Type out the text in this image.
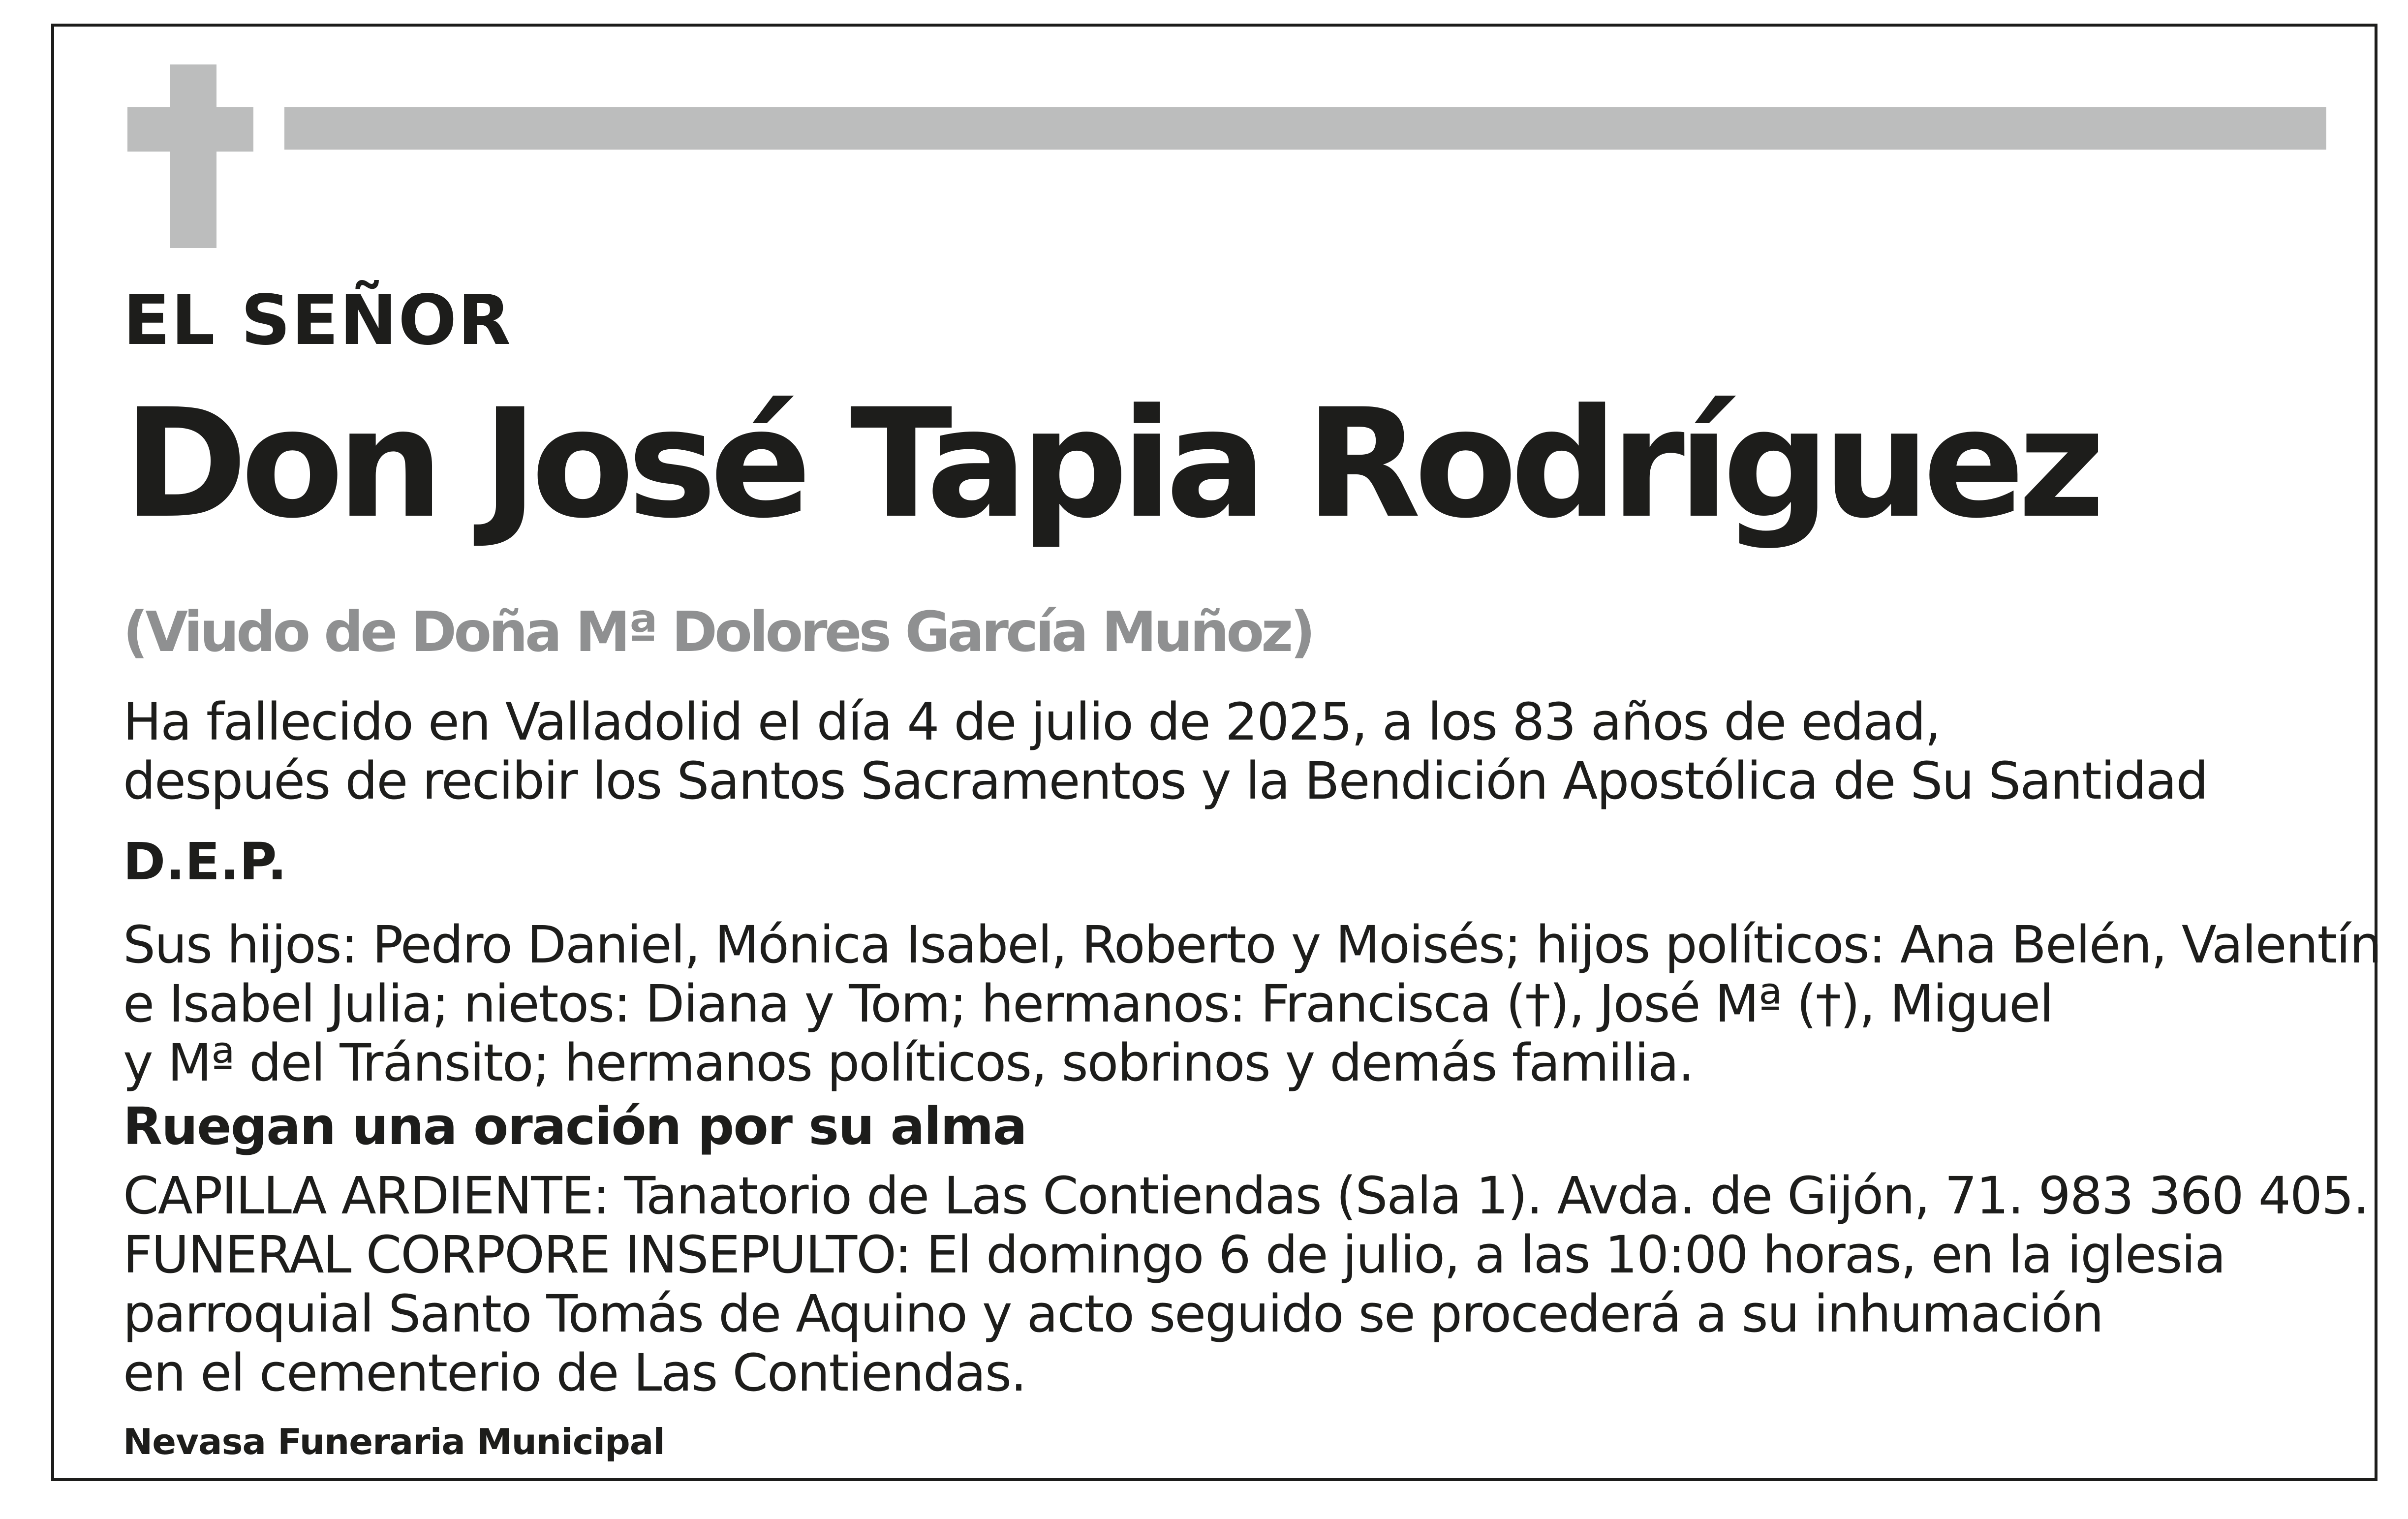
EL SEÑOR
Don José Tapia Rodríguez
(Viudo de Doña Mª Dolores García Muñoz)
Ha fallecido en Valladolid el día 4 de julio de 2025, a los 83 años de edad,
después de recibir los Santos Sacramentos y la Bendición Apostólica de Su Santidad
D.E.P.
Sus hijos: Pedro Daniel, Mónica Isabel, Roberto y Moisés; hijos políticos: Ana Belén, Valentín
e Isabel Julia; nietos: Diana y Tom; hermanos: Francisca (†), José Mª (†), Miguel
y Mª del Tránsito; hermanos políticos, sobrinos y demás familia.
Ruegan una oración por su alma
CAPILLA ARDIENTE: Tanatorio de Las Contiendas (Sala 1). Avda. de Gijón, 71. 983 360 405.
FUNERAL CORPORE INSEPULTO: El domingo 6 de julio, a las 10:00 horas, en la iglesia
parroquial Santo Tomás de Aquino y acto seguido se procederá a su inhumación
en el cementerio de Las Contiendas.
Nevasa Funeraria Municipal
